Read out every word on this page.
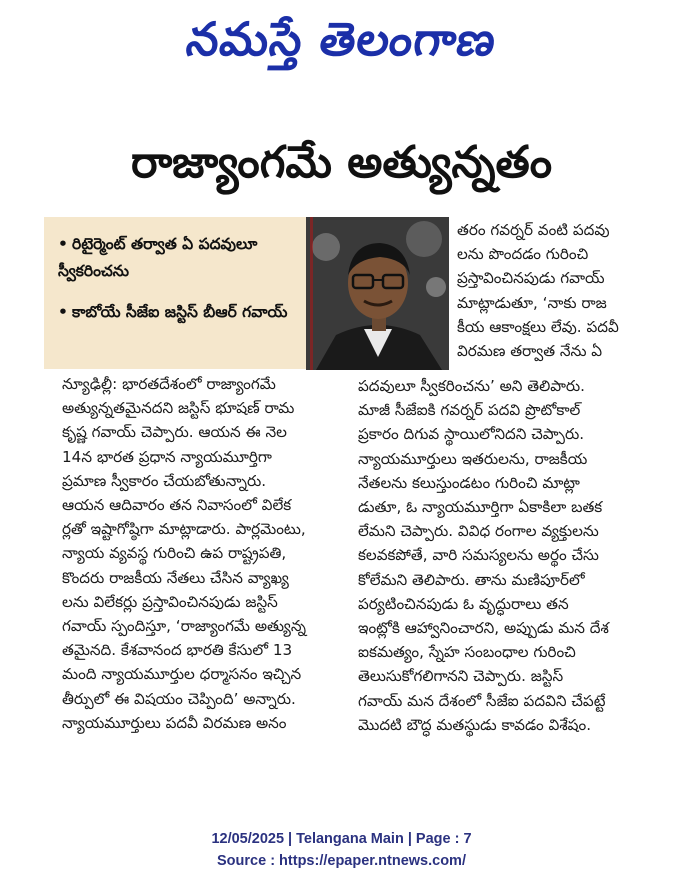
నమస్తే తెలంగాణ
రాజ్యాంగమే అత్యున్నతం
• రిటైర్మెంట్ తర్వాత ఏ పదవులూ స్వీకరించను
• కాబోయే సీజేఐ జస్టిస్ బీఆర్ గవాయ్
న్యూఢిల్లీ: భారతదేశంలో రాజ్యాంగమే
అత్యున్నతమైనదని జస్టిస్ భూషణ్ రామ
కృష్ణ గవాయ్ చెప్పారు. ఆయన ఈ నెల
14న భారత ప్రధాన న్యాయమూర్తిగా
ప్రమాణ స్వీకారం చేయబోతున్నారు.
ఆయన ఆదివారం తన నివాసంలో విలేక
ర్లతో ఇష్టాగోష్ఠిగా మాట్లాడారు. పార్లమెంటు,
న్యాయ వ్యవస్థ గురించి ఉప రాష్ట్రపతి,
కొందరు రాజకీయ నేతలు చేసిన వ్యాఖ్య
లను విలేకర్లు ప్రస్తావించినపుడు జస్టిస్
గవాయ్ స్పందిస్తూ, ‘రాజ్యాంగమే అత్యున్న
తమైనది. కేశవానంద భారతి కేసులో 13
మంది న్యాయమూర్తుల ధర్మాసనం ఇచ్చిన
తీర్పులో ఈ విషయం చెప్పింది’ అన్నారు.
న్యాయమూర్తులు పదవీ విరమణ అనం
తరం గవర్నర్ వంటి పదవు
లను పొందడం గురించి
ప్రస్తావించినపుడు గవాయ్
మాట్లాడుతూ, ‘నాకు రాజ
కీయ ఆకాంక్షలు లేవు. పదవీ
విరమణ తర్వాత నేను ఏ
పదవులూ స్వీకరించను’ అని తెలిపారు.
మాజీ సీజేఐకి గవర్నర్ పదవి ప్రొటోకాల్
ప్రకారం దిగువ స్థాయిలోనిదని చెప్పారు.
న్యాయమూర్తులు ఇతరులను, రాజకీయ
నేతలను కలుస్తుండటం గురించి మాట్లా
డుతూ, ఓ న్యాయమూర్తిగా ఏకాకిలా బతక
లేమని చెప్పారు. వివిధ రంగాల వ్యక్తులను
కలవకపోతే, వారి సమస్యలను అర్థం చేసు
కోలేమని తెలిపారు. తాను మణిపూర్‌లో
పర్యటించినపుడు ఓ వృద్ధురాలు తన
ఇంట్లోకి ఆహ్వానించారని, అప్పుడు మన దేశ
ఐకమత్యం, స్నేహ సంబంధాల గురించి
తెలుసుకోగలిగానని చెప్పారు. జస్టిస్
గవాయ్ మన దేశంలో సీజేఐ పదవిని చేపట్టే
మొదటి బౌద్ధ మతస్థుడు కావడం విశేషం.
12/05/2025 | Telangana Main | Page : 7
Source : https://epaper.ntnews.com/
